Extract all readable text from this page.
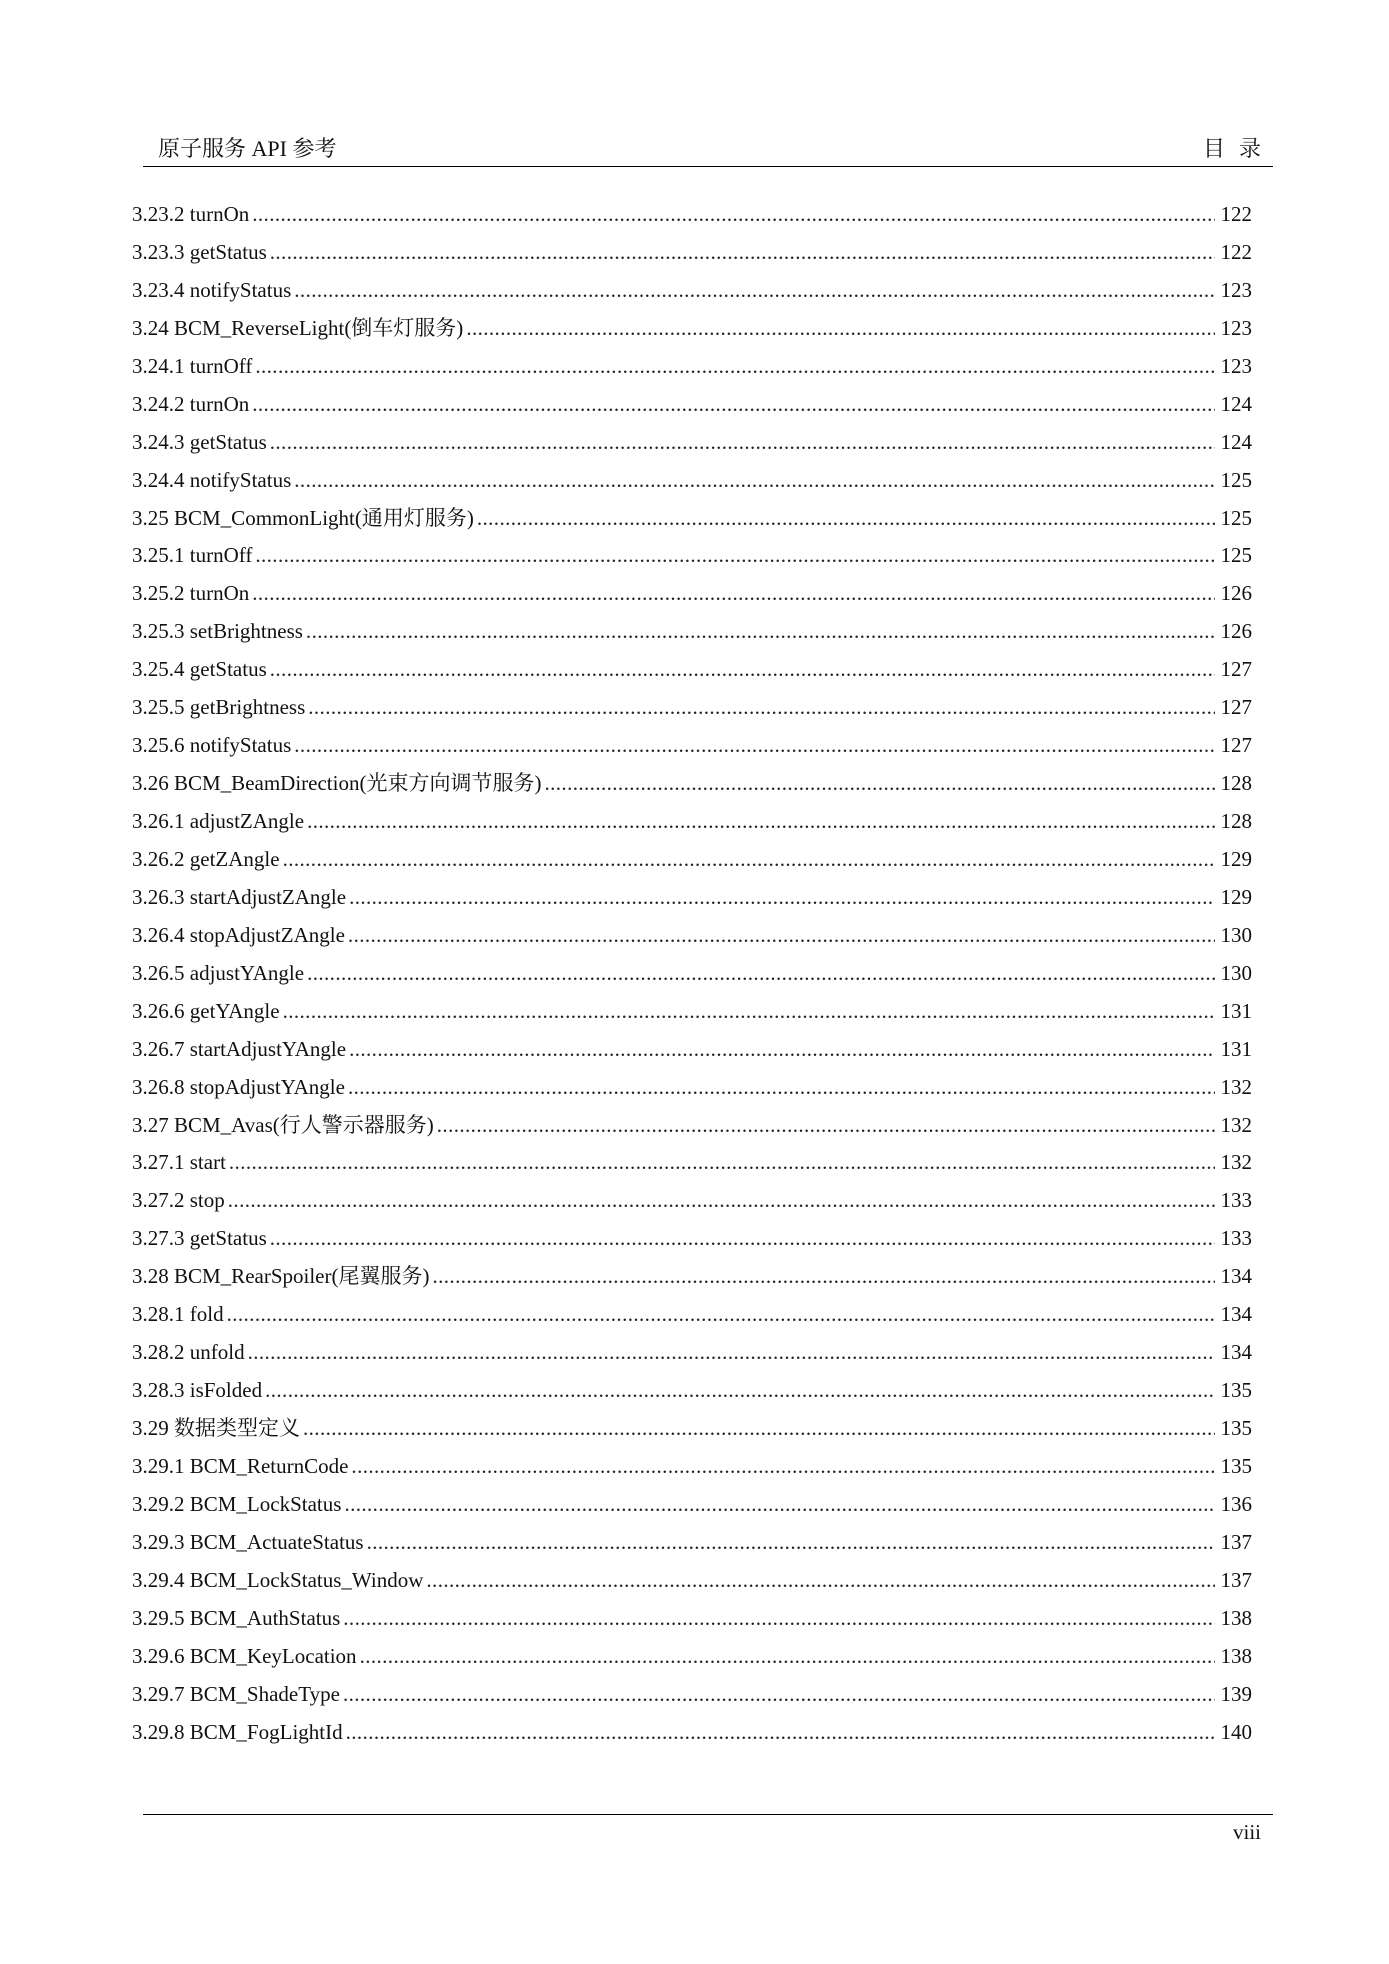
原子服务 API 参考	目录
3.23.2 turnOn .....	122
3.23.3 getStatus .....	122
3.23.4 notifyStatus .....	123
3.24 BCM_ReverseLight(倒车灯服务) .....	123
3.24.1 turnOff .....	123
3.24.2 turnOn .....	124
3.24.3 getStatus .....	124
3.24.4 notifyStatus .....	125
3.25 BCM_CommonLight(通用灯服务) .....	125
3.25.1 turnOff .....	125
3.25.2 turnOn .....	126
3.25.3 setBrightness .....	126
3.25.4 getStatus .....	127
3.25.5 getBrightness .....	127
3.25.6 notifyStatus .....	127
3.26 BCM_BeamDirection(光束方向调节服务) .....	128
3.26.1 adjustZAngle .....	128
3.26.2 getZAngle .....	129
3.26.3 startAdjustZAngle .....	129
3.26.4 stopAdjustZAngle .....	130
3.26.5 adjustYAngle .....	130
3.26.6 getYAngle .....	131
3.26.7 startAdjustYAngle .....	131
3.26.8 stopAdjustYAngle .....	132
3.27 BCM_Avas(行人警示器服务) .....	132
3.27.1 start .....	132
3.27.2 stop .....	133
3.27.3 getStatus .....	133
3.28 BCM_RearSpoiler(尾翼服务) .....	134
3.28.1 fold .....	134
3.28.2 unfold .....	134
3.28.3 isFolded .....	135
3.29 数据类型定义 .....	135
3.29.1 BCM_ReturnCode .....	135
3.29.2 BCM_LockStatus .....	136
3.29.3 BCM_ActuateStatus .....	137
3.29.4 BCM_LockStatus_Window .....	137
3.29.5 BCM_AuthStatus .....	138
3.29.6 BCM_KeyLocation .....	138
3.29.7 BCM_ShadeType .....	139
3.29.8 BCM_FogLightId .....	140
viii
